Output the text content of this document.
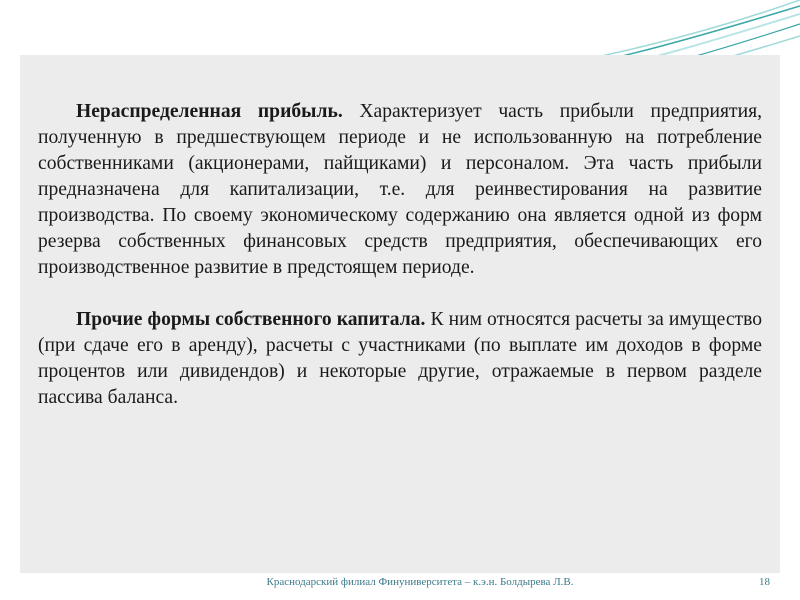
Нераспределенная прибыль. Характеризует часть прибыли предприятия, полученную в предшествующем периоде и не использованную на потребление собственниками (акционерами, пайщиками) и персоналом. Эта часть прибыли предназначена для капитализации, т.е. для реинвестирования на развитие производства. По своему экономическому содержанию она является одной из форм резерва собственных финансовых средств предприятия, обеспечивающих его производственное развитие в предстоящем периоде.

Прочие формы собственного капитала. К ним относятся расчеты за имущество (при сдаче его в аренду), расчеты с участниками (по выплате им доходов в форме процентов или дивидендов) и некоторые другие, отражаемые в первом разделе пассива баланса.

Краснодарский филиал Финуниверситета – к.э.н. Болдырева Л.В.	18
